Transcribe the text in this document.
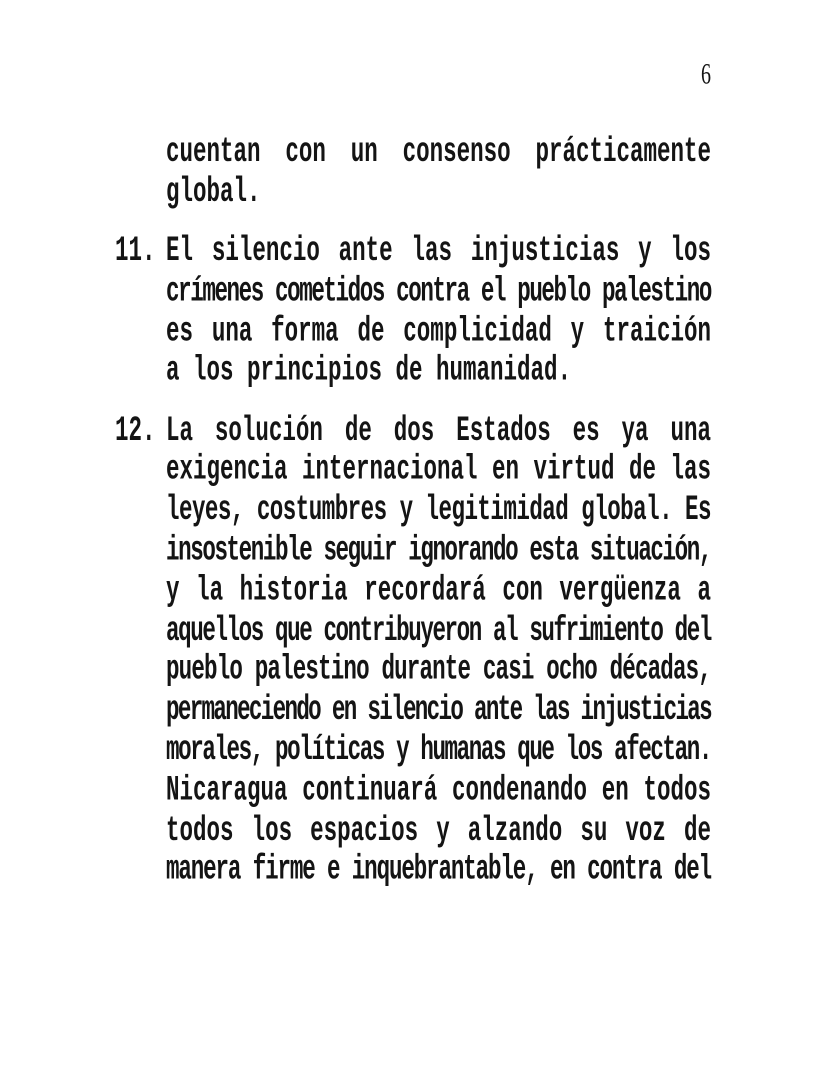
6
cuentan con un consenso prácticamente
global.
11. El silencio ante las injusticias y los
crímenes cometidos contra el pueblo palestino
es una forma de complicidad y traición
a los principios de humanidad.
12. La solución de dos Estados es ya una
exigencia internacional en virtud de las
leyes, costumbres y legitimidad global. Es
insostenible seguir ignorando esta situación,
y la historia recordará con vergüenza a
aquellos que contribuyeron al sufrimiento del
pueblo palestino durante casi ocho décadas,
permaneciendo en silencio ante las injusticias
morales, políticas y humanas que los afectan.
Nicaragua continuará condenando en todos
todos los espacios y alzando su voz de
manera firme e inquebrantable, en contra del
